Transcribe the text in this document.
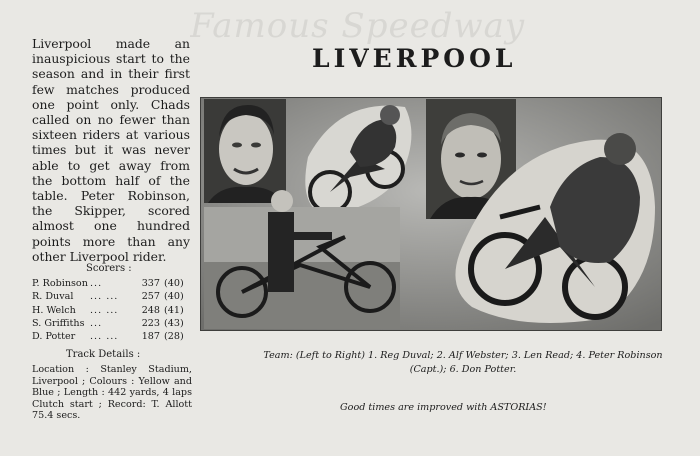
Famous Speedway
Liverpool made an inauspicious start to the season and in their first few matches produced one point only. Chads called on no fewer than sixteen riders at various times but it was never able to get away from the bottom half of the table. Peter Robinson, the Skipper, scored almost one hundred points more than any other Liverpool rider.
Scorers :
P. Robinson ...	337 (40)
R. Duval	... ...	257 (40)
H. Welch	... ...	248 (41)
S. Griffiths ...	223 (43)
D. Potter	... ...	187 (28)
Track Details :
Location : Stanley Stadium, Liverpool ; Colours : Yellow and Blue ; Length : 442 yards, 4 laps Clutch start ; Record: T. Allott 75.4 secs.
LIVERPOOL
Team: (Left to Right) 1. Reg Duval; 2. Alf Webster; 3. Len Read; 4. Peter Robinson (Capt.); 6. Don Potter.
Good times are improved with ASTORIAS!
